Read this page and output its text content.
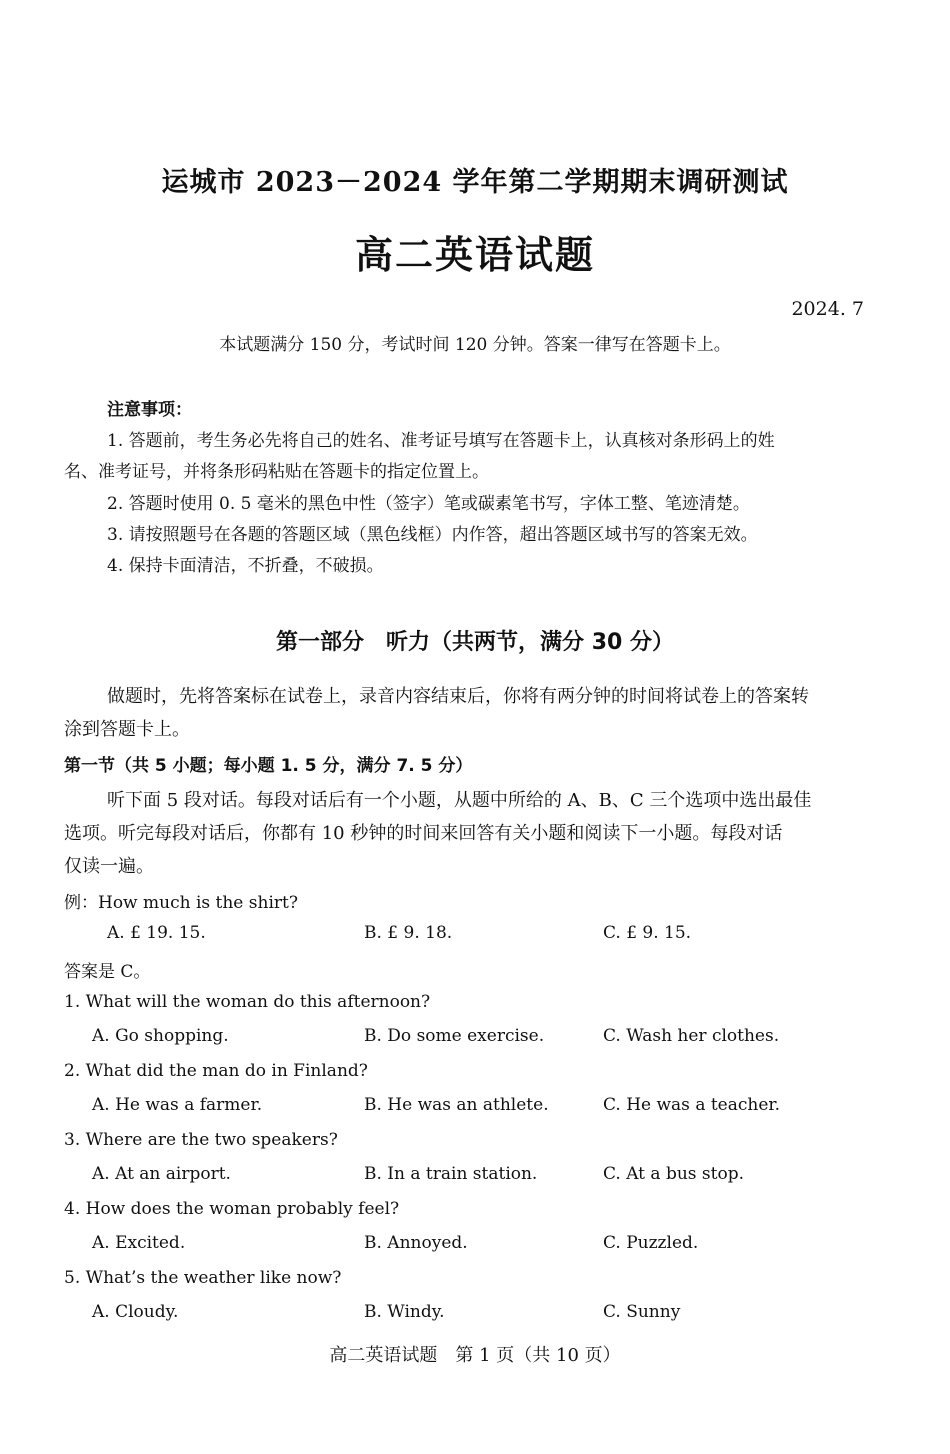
运城市 2023－2024 学年第二学期期末调研测试
高二英语试题
2024. 7
本试题满分 150 分，考试时间 120 分钟。答案一律写在答题卡上。
注意事项：
1. 答题前，考生务必先将自己的姓名、准考证号填写在答题卡上，认真核对条形码上的姓
名、准考证号，并将条形码粘贴在答题卡的指定位置上。
2. 答题时使用 0. 5 毫米的黑色中性（签字）笔或碳素笔书写，字体工整、笔迹清楚。
3. 请按照题号在各题的答题区域（黑色线框）内作答，超出答题区域书写的答案无效。
4. 保持卡面清洁，不折叠，不破损。
第一部分　听力（共两节，满分 30 分）
做题时，先将答案标在试卷上，录音内容结束后，你将有两分钟的时间将试卷上的答案转
涂到答题卡上。
第一节（共 5 小题；每小题 1. 5 分，满分 7. 5 分）
听下面 5 段对话。每段对话后有一个小题，从题中所给的 A、B、C 三个选项中选出最佳
选项。听完每段对话后，你都有 10 秒钟的时间来回答有关小题和阅读下一小题。每段对话
仅读一遍。
例：How much is the shirt?
A. £ 19. 15.	B. £ 9. 18.	C. £ 9. 15.
答案是 C。
1. What will the woman do this afternoon?
A. Go shopping.	B. Do some exercise.	C. Wash her clothes.
2. What did the man do in Finland?
A. He was a farmer.	B. He was an athlete.	C. He was a teacher.
3. Where are the two speakers?
A. At an airport.	B. In a train station.	C. At a bus stop.
4. How does the woman probably feel?
A. Excited.	B. Annoyed.	C. Puzzled.
5. What’s the weather like now?
A. Cloudy.	B. Windy.	C. Sunny
高二英语试题　第 1 页（共 10 页）
